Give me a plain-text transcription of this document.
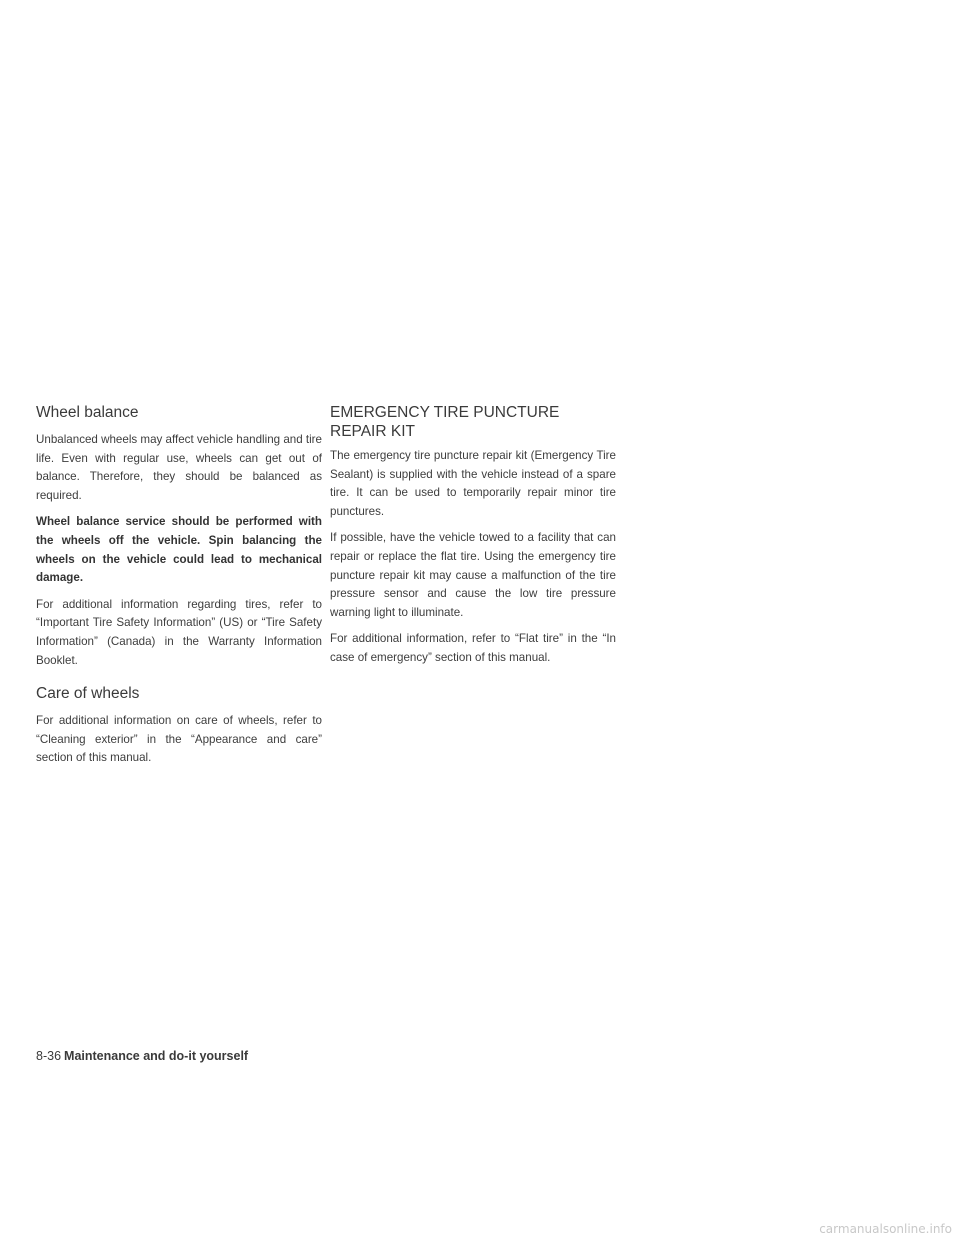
Wheel balance

Unbalanced wheels may affect vehicle handling and tire life. Even with regular use, wheels can get out of balance. Therefore, they should be balanced as required.

Wheel balance service should be performed with the wheels off the vehicle. Spin balancing the wheels on the vehicle could lead to mechanical damage.

For additional information regarding tires, refer to “Important Tire Safety Information” (US) or “Tire Safety Information” (Canada) in the Warranty Information Booklet.

Care of wheels

For additional information on care of wheels, refer to “Cleaning exterior” in the “Appearance and care” section of this manual.

EMERGENCY TIRE PUNCTURE REPAIR KIT

The emergency tire puncture repair kit (Emergency Tire Sealant) is supplied with the vehicle instead of a spare tire. It can be used to temporarily repair minor tire punctures.

If possible, have the vehicle towed to a facility that can repair or replace the flat tire. Using the emergency tire puncture repair kit may cause a malfunction of the tire pressure sensor and cause the low tire pressure warning light to illuminate.

For additional information, refer to “Flat tire” in the “In case of emergency” section of this manual.

8-36 Maintenance and do-it yourself
carmanualsonline.info
